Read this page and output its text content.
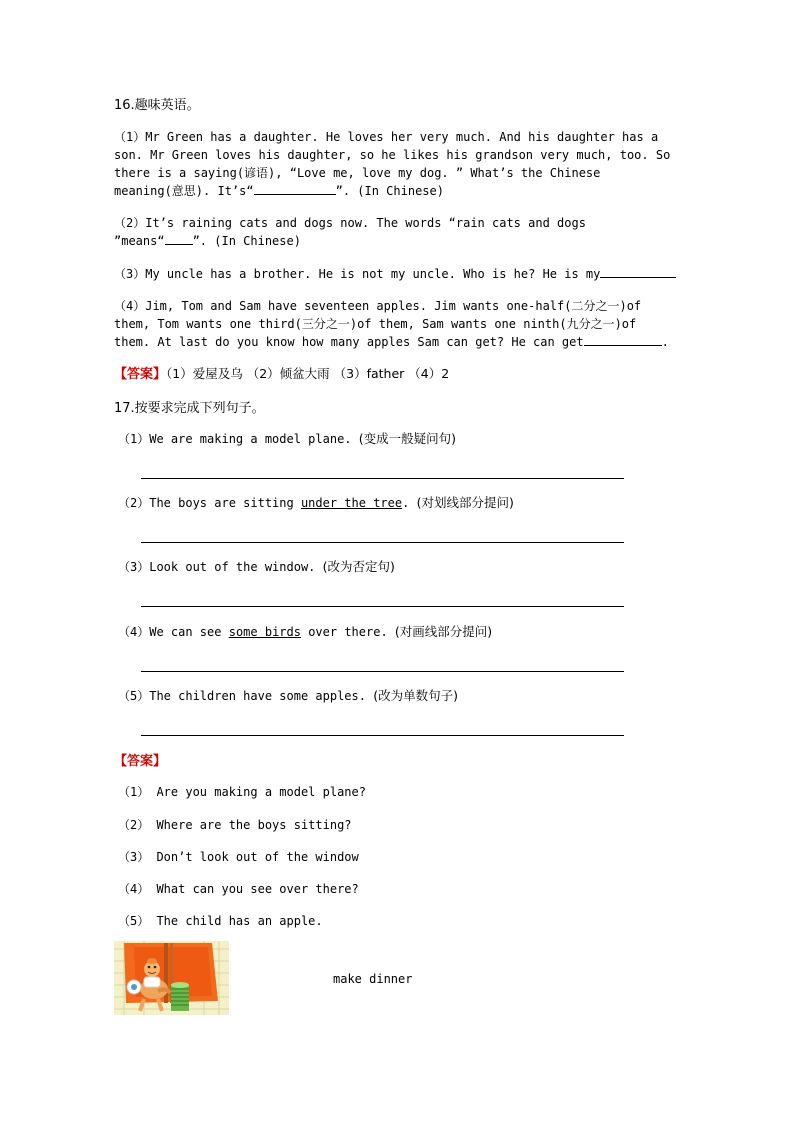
16.趣味英语。
（1）Mr Green has a daughter. He loves her very much. And his daughter has a
son. Mr Green loves his daughter, so he likes his grandson very much, too. So
there is a saying(谚语), “Love me, love my dog. ” What’s the Chinese
meaning(意思). It’s“	”. (In Chinese)
（2）It’s raining cats and dogs now. The words “rain cats and dogs
”means“ ”. (In Chinese)
（3）My uncle has a brother. He is not my uncle. Who is he? He is my
（4）Jim, Tom and Sam have seventeen apples. Jim wants one-half(二分之一)of
them, Tom wants one third(三分之一)of them, Sam wants one ninth(九分之一)of
them. At last do you know how many apples Sam can get? He can get	.
【答案】（1）爱屋及乌 （2）倾盆大雨 （3）father （4）2
17.按要求完成下列句子。
（1）We are making a model plane. (变成一般疑问句)
（2）The boys are sitting under the tree. (对划线部分提问)
（3）Look out of the window. (改为否定句)
（4）We can see some birds over there. (对画线部分提问)
（5）The children have some apples. (改为单数句子)
【答案】
（1） Are you making a model plane?
（2） Where are the boys sitting?
（3） Don’t look out of the window
（4） What can you see over there?
（5） The child has an apple.
make dinner
